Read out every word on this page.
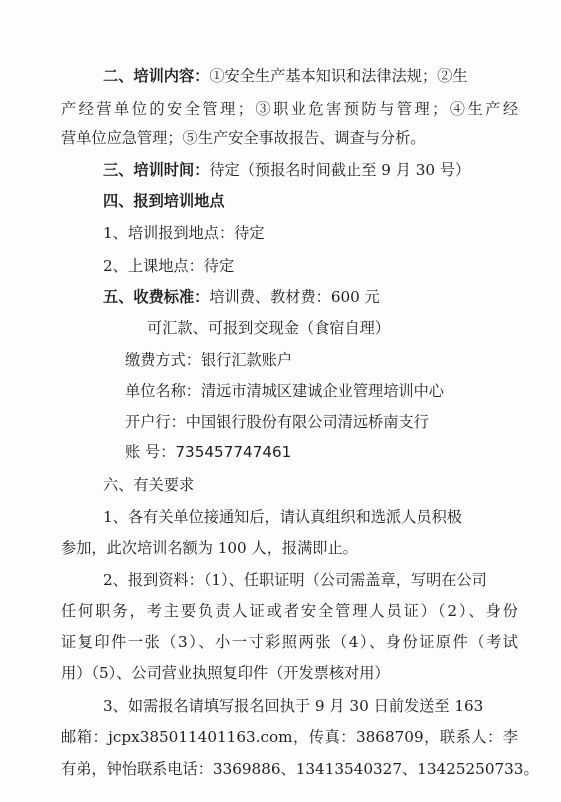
二、培训内容：①安全生产基本知识和法律法规；②生
产经营单位的安全管理；③职业危害预防与管理；④生产经
营单位应急管理；⑤生产安全事故报告、调查与分析。
三、培训时间：待定（预报名时间截止至 9 月 30 号）
四、报到培训地点
1、培训报到地点：待定
2、上课地点：待定
五、收费标准：培训费、教材费：600 元
可汇款、可报到交现金（食宿自理）
缴费方式：银行汇款账户
单位名称：清远市清城区建诚企业管理培训中心
开户行：中国银行股份有限公司清远桥南支行
账 号：735457747461
六、有关要求
1、各有关单位接通知后，请认真组织和选派人员积极
参加，此次培训名额为 100 人，报满即止。
2、报到资料：（1）、任职证明（公司需盖章，写明在公司
任何职务，考主要负责人证或者安全管理人员证）（2）、身份
证复印件一张（3）、小一寸彩照两张（4）、身份证原件（考试
用）（5）、公司营业执照复印件（开发票核对用）
3、如需报名请填写报名回执于 9 月 30 日前发送至 163
邮箱：jcpx385011401163.com，传真：3868709，联系人：李
有弟，钟怡联系电话：3369886、13413540327、13425250733。
